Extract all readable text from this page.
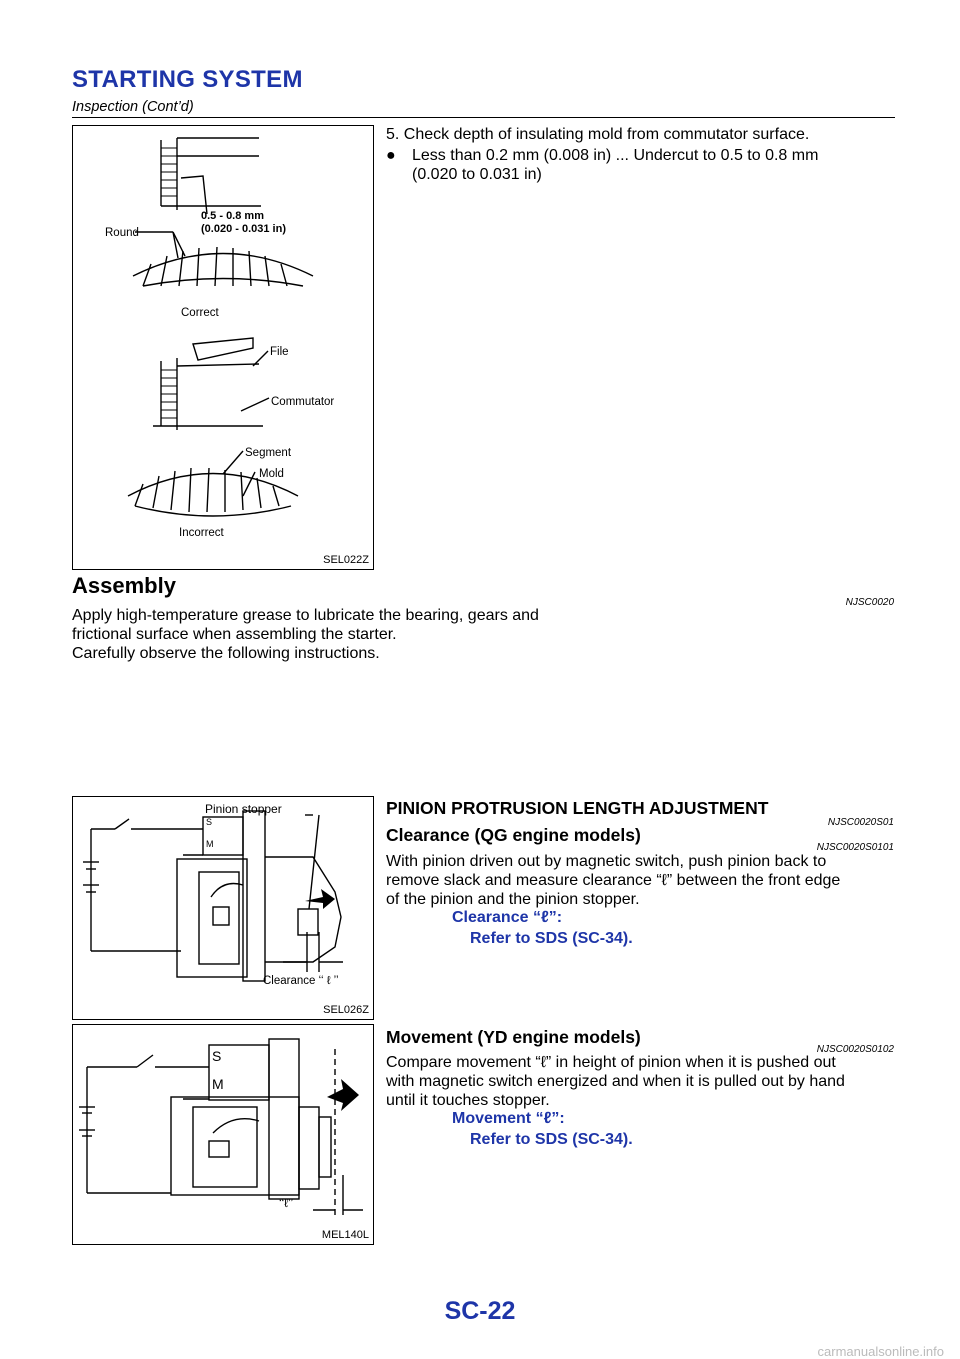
STARTING SYSTEM
Inspection (Cont’d)
0.5 - 0.8 mm
(0.020 - 0.031 in)
Round
Correct
File
Commutator
Segment
Mold
Incorrect
SEL022Z
5. Check depth of insulating mold from commutator surface.
● Less than 0.2 mm (0.008 in) ... Undercut to 0.5 to 0.8 mm
(0.020 to 0.031 in)
Assembly
NJSC0020
Apply high-temperature grease to lubricate the bearing, gears and
frictional surface when assembling the starter.
Carefully observe the following instructions.
S
M
Pinion stopper
Clearance ‘‘ ℓ ’’
SEL026Z
PINION PROTRUSION LENGTH ADJUSTMENT
NJSC0020S01
Clearance (QG engine models)
NJSC0020S0101
With pinion driven out by magnetic switch, push pinion back to
remove slack and measure clearance “ℓ” between the front edge
of the pinion and the pinion stopper.
Clearance “ℓ”:
Refer to SDS (SC-34).
S
M
‘‘ℓ’’
MEL140L
Movement (YD engine models)
NJSC0020S0102
Compare movement “ℓ” in height of pinion when it is pushed out
with magnetic switch energized and when it is pulled out by hand
until it touches stopper.
Movement “ℓ”:
Refer to SDS (SC-34).
SC-22
carmanualsonline.info
